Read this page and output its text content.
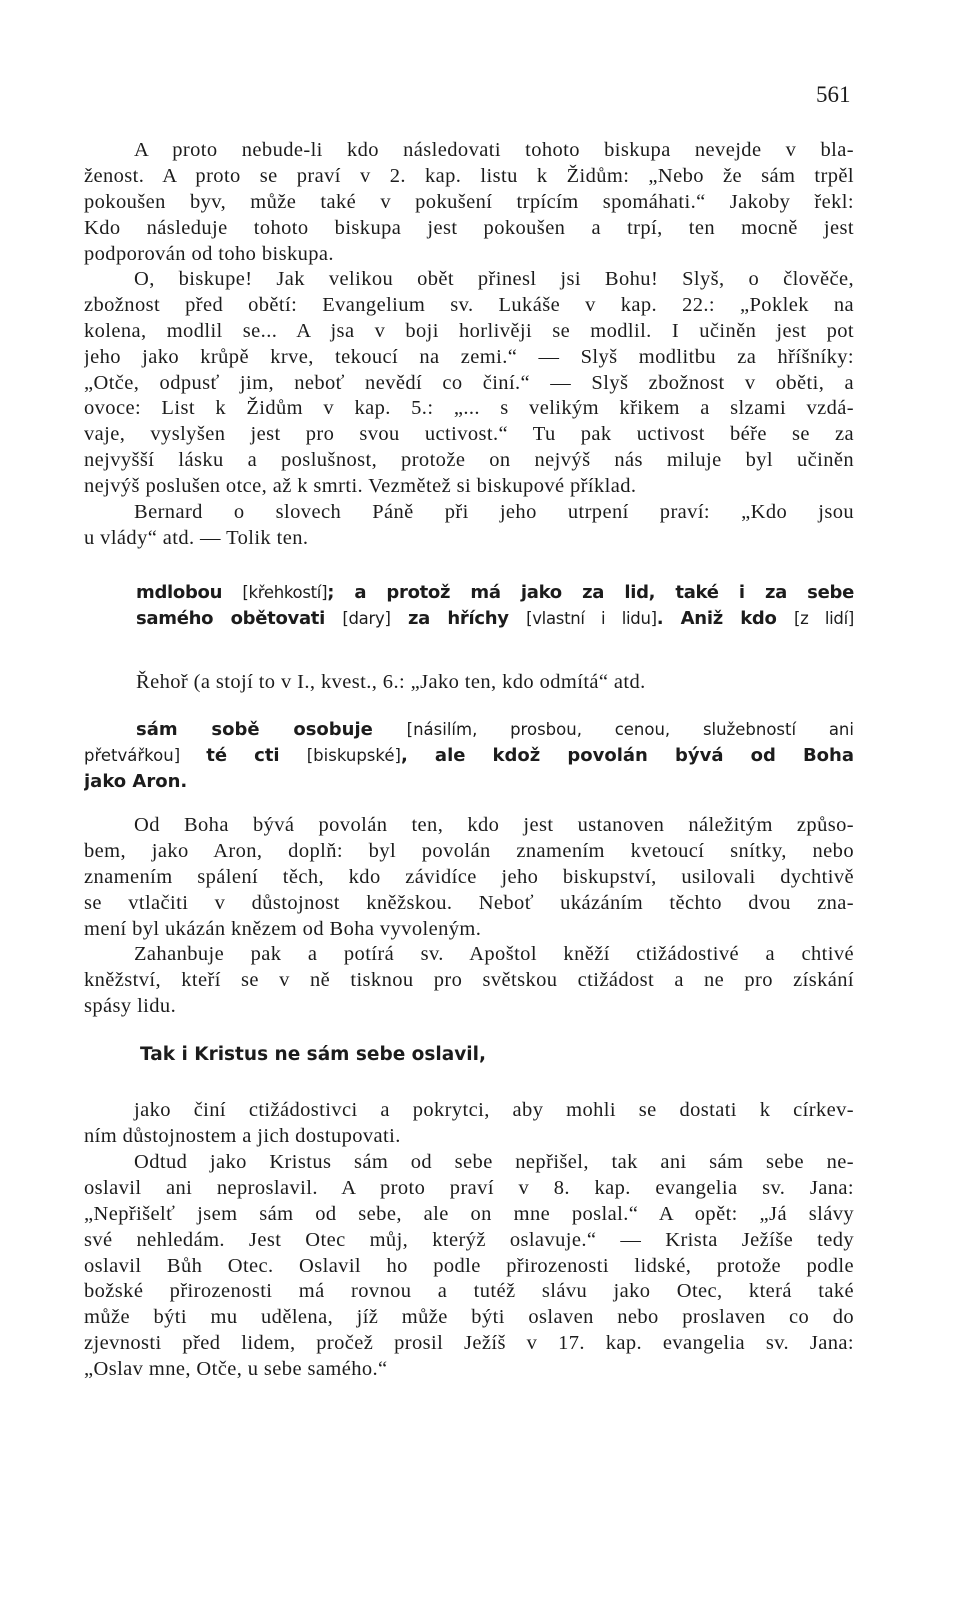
561
A proto nebude-li kdo následovati tohoto biskupa nevejde v bla-
ženost. A proto se praví v 2. kap. listu k Židům: „Nebo že sám trpěl
pokoušen byv, může také v pokušení trpícím spomáhati.“ Jakoby řekl:
Kdo následuje tohoto biskupa jest pokoušen a trpí, ten mocně jest
podporován od toho biskupa.
O, biskupe! Jak velikou obět přinesl jsi Bohu! Slyš, o člověče,
zbožnost před obětí: Evangelium sv. Lukáše v kap. 22.: „Poklek na
kolena, modlil se... A jsa v boji horlivěji se modlil. I učiněn jest pot
jeho jako krůpě krve, tekoucí na zemi.“ — Slyš modlitbu za hříšníky:
„Otče, odpusť jim, neboť nevědí co činí.“ — Slyš zbožnost v oběti, a
ovoce: List k Židům v kap. 5.: „... s velikým křikem a slzami vzdá-
vaje, vyslyšen jest pro svou uctivost.“ Tu pak uctivost béře se za
nejvyšší lásku a poslušnost, protože on nejvýš nás miluje byl učiněn
nejvýš poslušen otce, až k smrti. Vezmětež si biskupové příklad.
Bernard o slovech Páně při jeho utrpení praví: „Kdo jsou
u vlády“ atd. — Tolik ten.
mdlobou [křehkostí]; a protož má jako za lid, také i za sebe
samého obětovati [dary] za hříchy [vlastní i lidu]. Aniž kdo [z lidí]
Řehoř (a stojí to v I., kvest., 6.: „Jako ten, kdo odmítá“ atd.
sám sobě osobuje [násilím, prosbou, cenou, služebností ani
přetvářkou] té cti [biskupské], ale kdož povolán bývá od Boha
jako Aron.
Od Boha bývá povolán ten, kdo jest ustanoven náležitým způso-
bem, jako Aron, doplň: byl povolán znamením kvetoucí snítky, nebo
znamením spálení těch, kdo závidíce jeho biskupství, usilovali dychtivě
se vtlačiti v důstojnost kněžskou. Neboť ukázáním těchto dvou zna-
mení byl ukázán knězem od Boha vyvoleným.
Zahanbuje pak a potírá sv. Apoštol kněží ctižádostivé a chtivé
kněžství, kteří se v ně tisknou pro světskou ctižádost a ne pro získání
spásy lidu.
Tak i Kristus ne sám sebe oslavil,
jako činí ctižádostivci a pokrytci, aby mohli se dostati k církev-
ním důstojnostem a jich dostupovati.
Odtud jako Kristus sám od sebe nepřišel, tak ani sám sebe ne-
oslavil ani neproslavil. A proto praví v 8. kap. evangelia sv. Jana:
„Nepřišelť jsem sám od sebe, ale on mne poslal.“ A opět: „Já slávy
své nehledám. Jest Otec můj, kterýž oslavuje.“ — Krista Ježíše tedy
oslavil Bůh Otec. Oslavil ho podle přirozenosti lidské, protože podle
božské přirozenosti má rovnou a tutéž slávu jako Otec, která také
může býti mu udělena, jíž může býti oslaven nebo proslaven co do
zjevnosti před lidem, pročež prosil Ježíš v 17. kap. evangelia sv. Jana:
„Oslav mne, Otče, u sebe samého.“
